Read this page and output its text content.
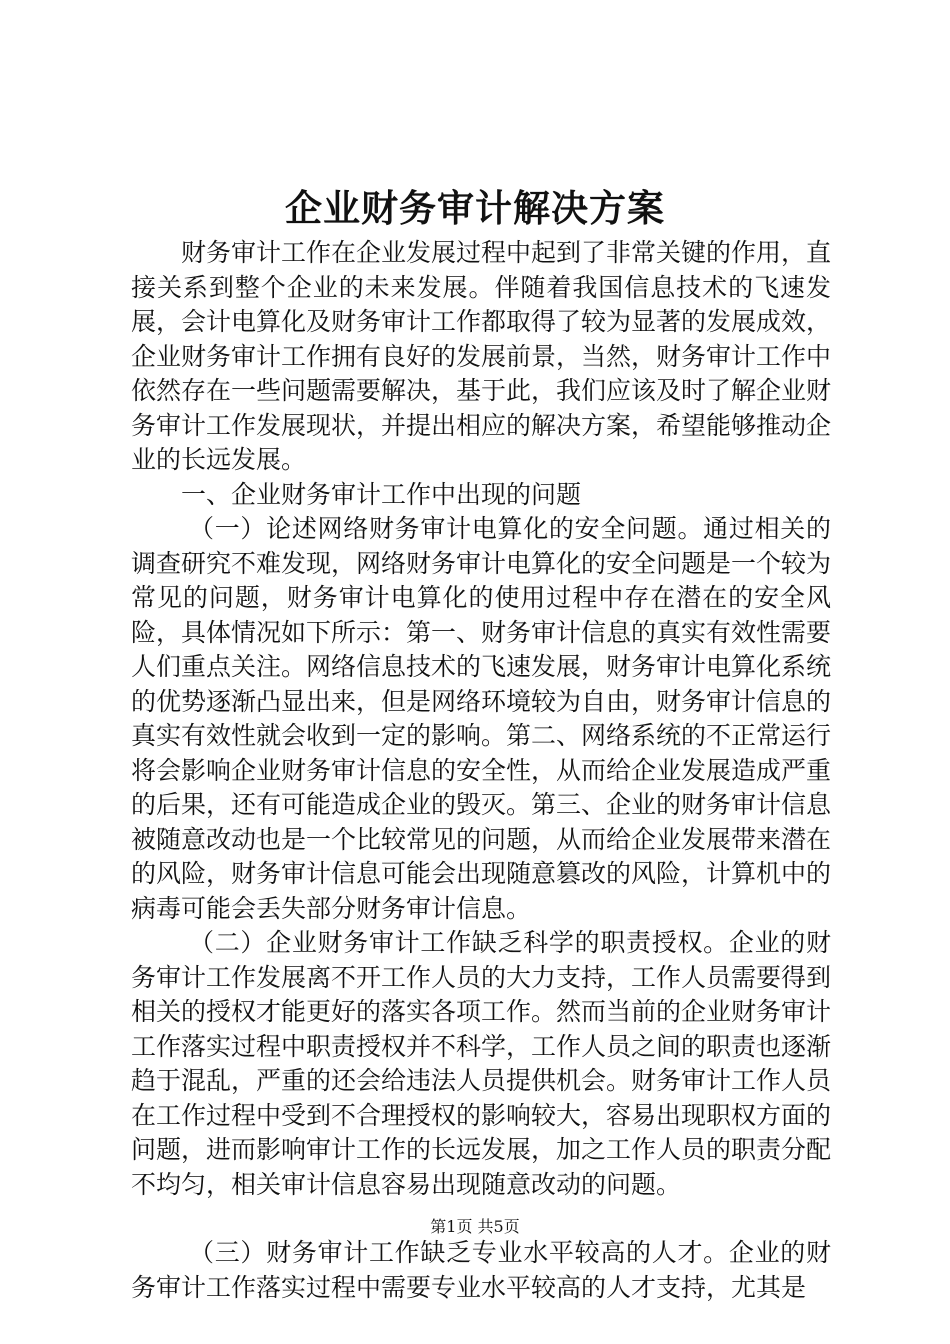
企业财务审计解决方案

财务审计工作在企业发展过程中起到了非常关键的作用，直接关系到整个企业的未来发展。伴随着我国信息技术的飞速发展，会计电算化及财务审计工作都取得了较为显著的发展成效，企业财务审计工作拥有良好的发展前景，当然，财务审计工作中依然存在一些问题需要解决，基于此，我们应该及时了解企业财务审计工作发展现状，并提出相应的解决方案，希望能够推动企业的长远发展。

一、企业财务审计工作中出现的问题

（一）论述网络财务审计电算化的安全问题。通过相关的调查研究不难发现，网络财务审计电算化的安全问题是一个较为常见的问题，财务审计电算化的使用过程中存在潜在的安全风险，具体情况如下所示：第一、财务审计信息的真实有效性需要人们重点关注。网络信息技术的飞速发展，财务审计电算化系统的优势逐渐凸显出来，但是网络环境较为自由，财务审计信息的真实有效性就会收到一定的影响。第二、网络系统的不正常运行将会影响企业财务审计信息的安全性，从而给企业发展造成严重的后果，还有可能造成企业的毁灭。第三、企业的财务审计信息被随意改动也是一个比较常见的问题，从而给企业发展带来潜在的风险，财务审计信息可能会出现随意篡改的风险，计算机中的病毒可能会丢失部分财务审计信息。

（二）企业财务审计工作缺乏科学的职责授权。企业的财务审计工作发展离不开工作人员的大力支持，工作人员需要得到相关的授权才能更好的落实各项工作。然而当前的企业财务审计工作落实过程中职责授权并不科学，工作人员之间的职责也逐渐趋于混乱，严重的还会给违法人员提供机会。财务审计工作人员在工作过程中受到不合理授权的影响较大，容易出现职权方面的问题，进而影响审计工作的长远发展，加之工作人员的职责分配不均匀，相关审计信息容易出现随意改动的问题。

（三）财务审计工作缺乏专业水平较高的人才。企业的财务审计工作落实过程中需要专业水平较高的人才支持，尤其是

第1页 共5页
